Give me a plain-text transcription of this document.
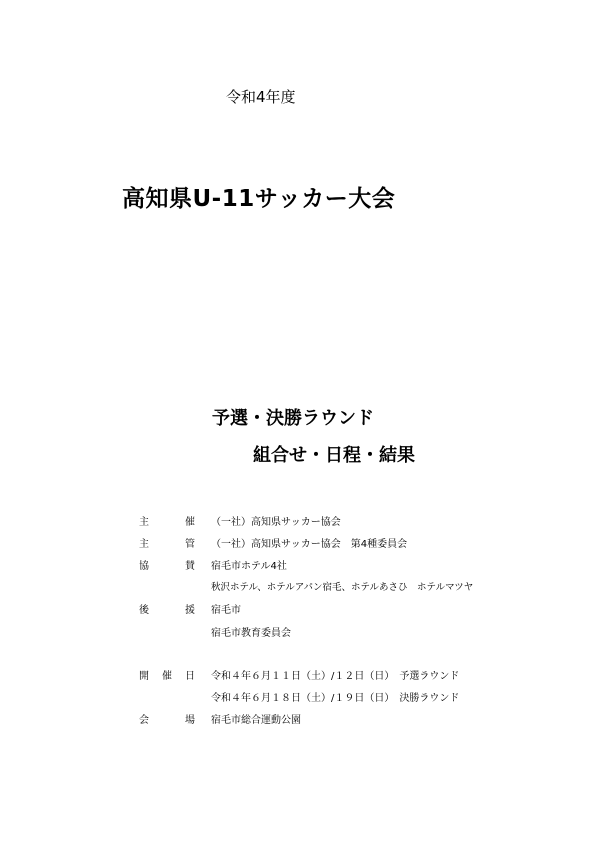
令和4年度
高知県U-11サッカー大会
予選・決勝ラウンド
組合せ・日程・結果
主	催 （一社）高知県サッカー協会
主	管 （一社）高知県サッカー協会　第4種委員会
協	賛 宿毛市ホテル4社
秋沢ホテル、ホテルアパン宿毛、ホテルあさひ　ホテルマツヤ
後	援 宿毛市
宿毛市教育委員会
開 催 日 令和４年６月１１日（土）/１２日（日）　予選ラウンド
令和４年６月１８日（土）/１９日（日）　決勝ラウンド
会	場 宿毛市総合運動公園
